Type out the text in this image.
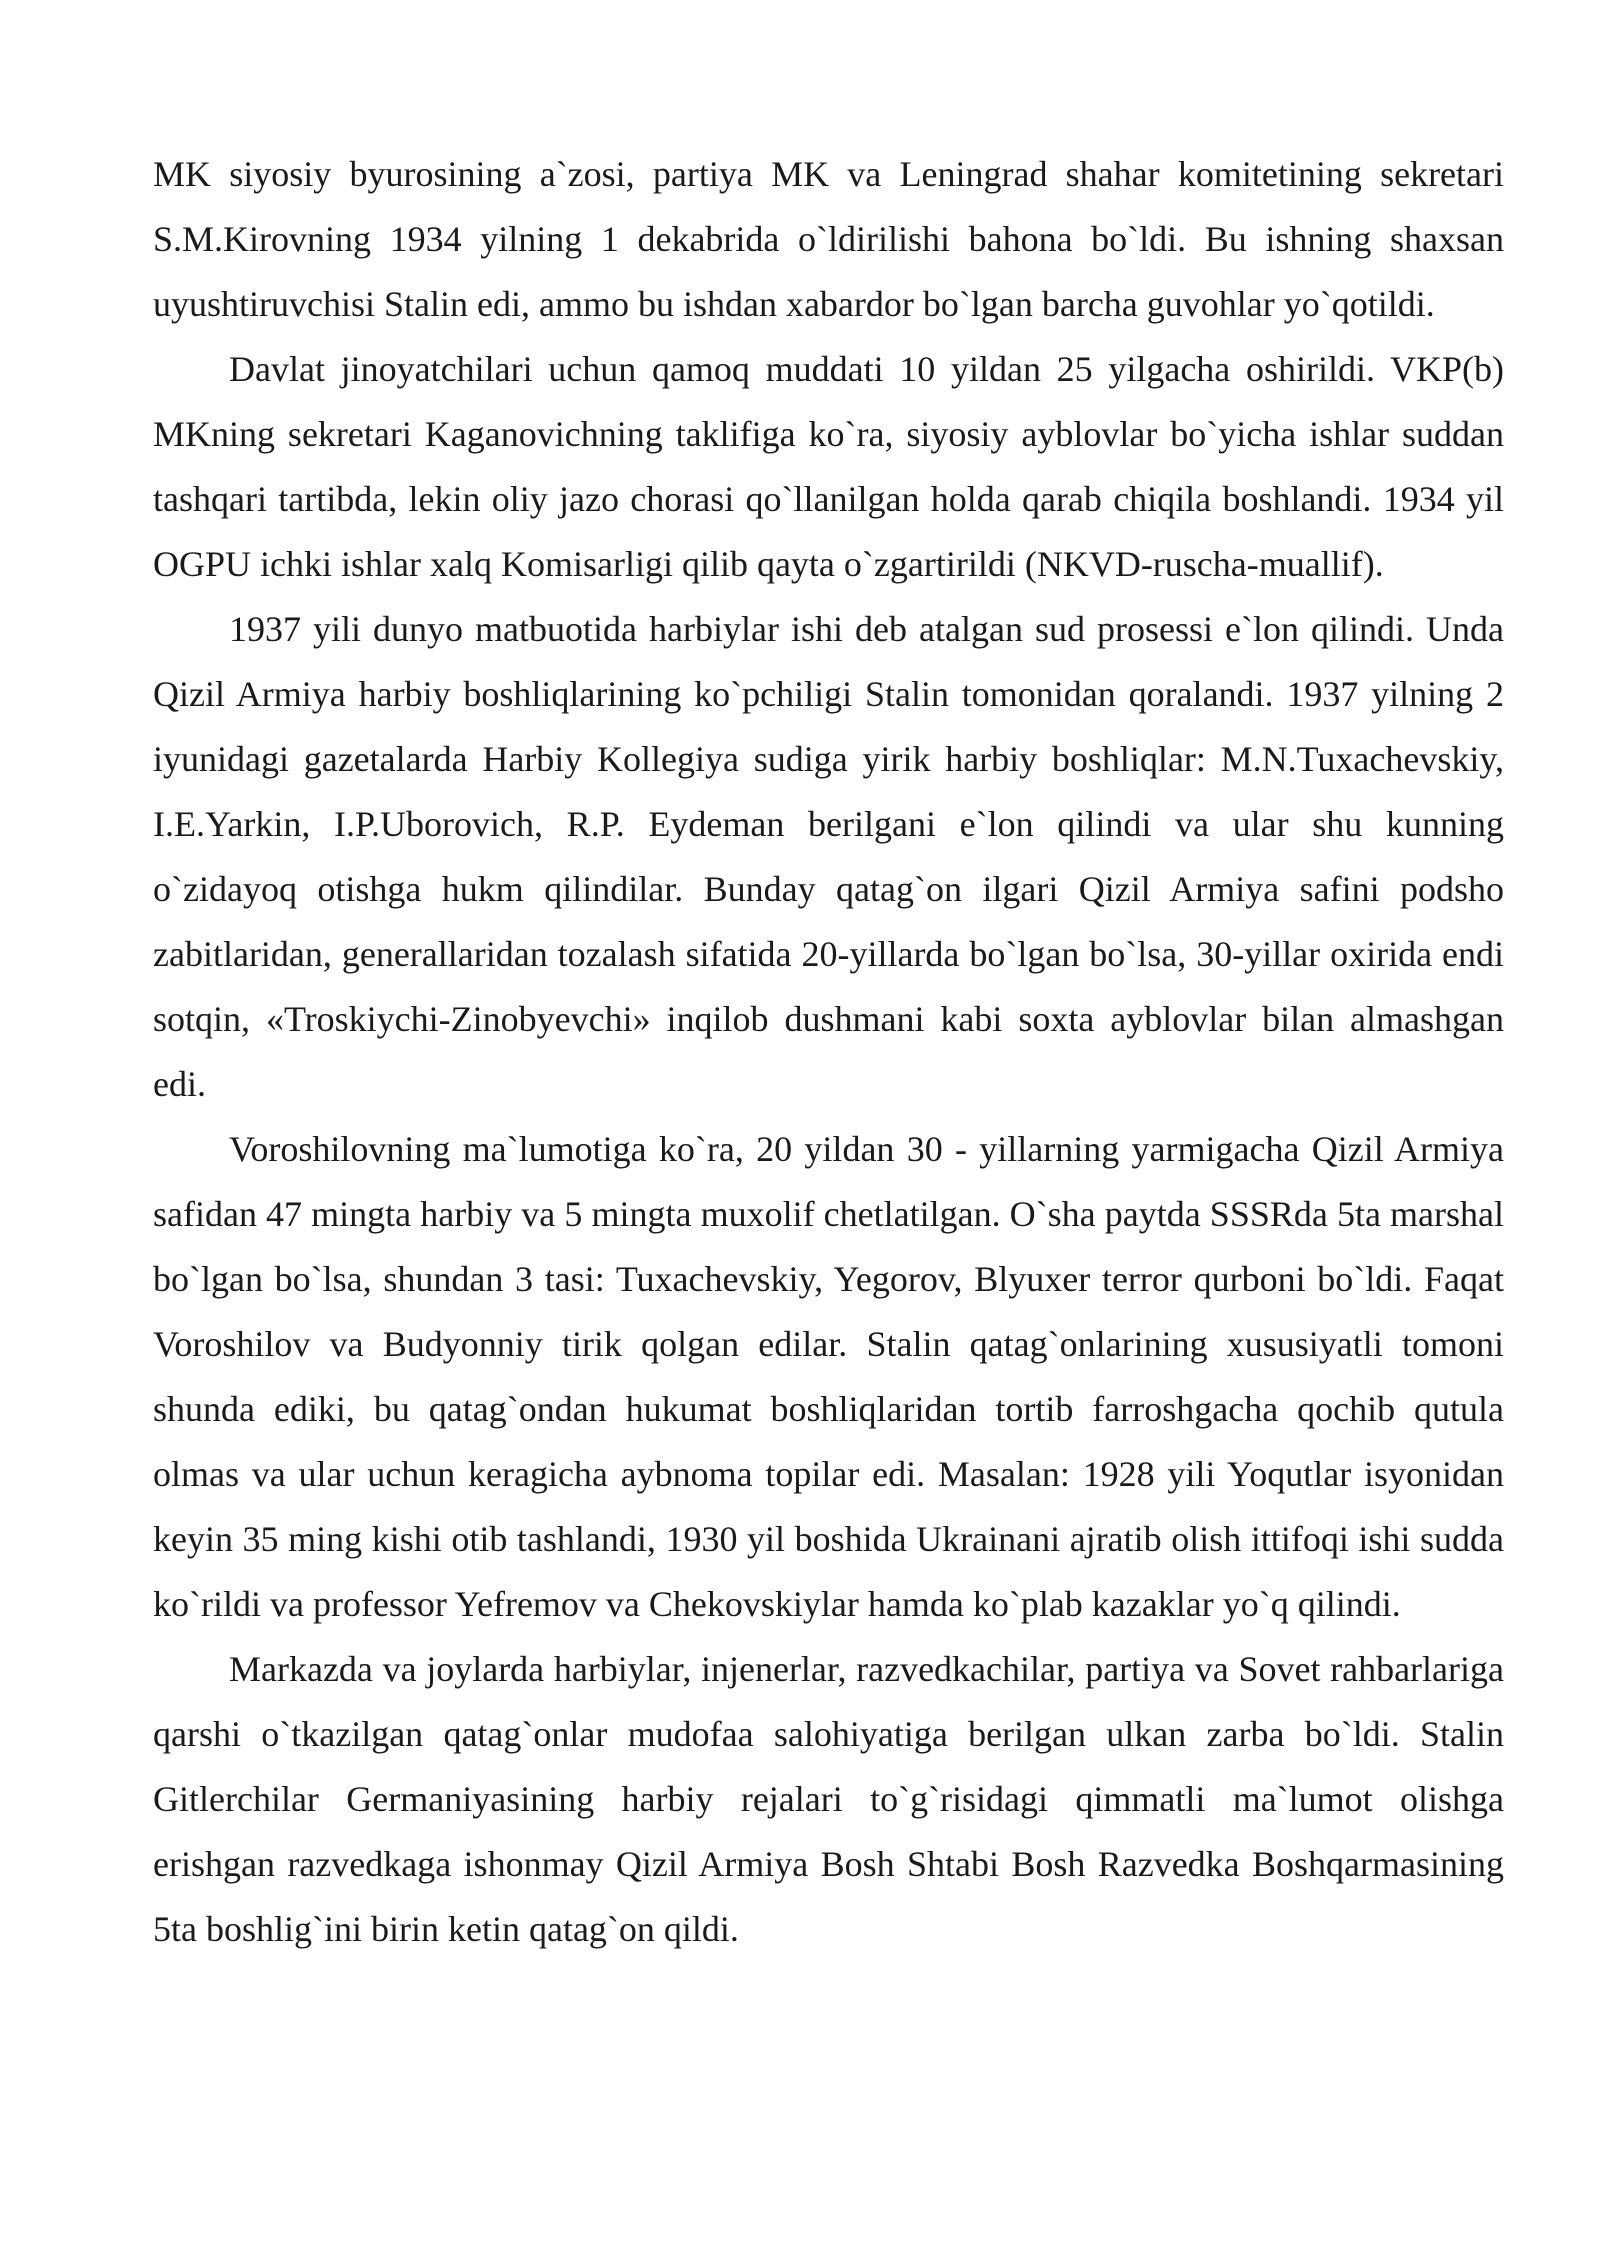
MK siyosiy byurosining a`zosi, partiya MK va Leningrad shahar komitetining sekretari S.M.Kirovning 1934 yilning 1 dekabrida o`ldirilishi bahona bo`ldi. Bu ishning shaxsan uyushtiruvchisi Stalin edi, ammo bu ishdan xabardor bo`lgan barcha guvohlar yo`qotildi.

Davlat jinoyatchilari uchun qamoq muddati 10 yildan 25 yilgacha oshirildi. VKP(b) MKning sekretari Kaganovichning taklifiga ko`ra, siyosiy ayblovlar bo`yicha ishlar suddan tashqari tartibda, lekin oliy jazo chorasi qo`llanilgan holda qarab chiqila boshlandi. 1934 yil OGPU ichki ishlar xalq Komisarligi qilib qayta o`zgartirildi (NKVD-ruscha-muallif).

1937 yili dunyo matbuotida harbiylar ishi deb atalgan sud prosessi e`lon qilindi. Unda Qizil Armiya harbiy boshliqlarining ko`pchiligi Stalin tomonidan qoralandi. 1937 yilning 2 iyunidagi gazetalarda Harbiy Kollegiya sudiga yirik harbiy boshliqlar: M.N.Tuxachevskiy, I.E.Yarkin, I.P.Uborovich, R.P. Eydeman berilgani e`lon qilindi va ular shu kunning o`zidayoq otishga hukm qilindilar. Bunday qatag`on ilgari Qizil Armiya safini podsho zabitlaridan, generallaridan tozalash sifatida 20-yillarda bo`lgan bo`lsa, 30-yillar oxirida endi sotqin, «Troskiychi-Zinobyevchi» inqilob dushmani kabi soxta ayblovlar bilan almashgan edi.

Voroshilovning ma`lumotiga ko`ra, 20 yildan 30 - yillarning yarmigacha Qizil Armiya safidan 47 mingta harbiy va 5 mingta muxolif chetlatilgan. O`sha paytda SSSRda 5ta marshal bo`lgan bo`lsa, shundan 3 tasi: Tuxachevskiy, Yegorov, Blyuxer terror qurboni bo`ldi. Faqat Voroshilov va Budyonniy tirik qolgan edilar. Stalin qatag`onlarining xususiyatli tomoni shunda ediki, bu qatag`ondan hukumat boshliqlaridan tortib farroshgacha qochib qutula olmas va ular uchun keragicha aybnoma topilar edi. Masalan: 1928 yili Yoqutlar isyonidan keyin 35 ming kishi otib tashlandi, 1930 yil boshida Ukrainani ajratib olish ittifoqi ishi sudda ko`rildi va professor Yefremov va Chekovskiylar hamda ko`plab kazaklar yo`q qilindi.

Markazda va joylarda harbiylar, injenerlar, razvedkachilar, partiya va Sovet rahbarlariga qarshi o`tkazilgan qatag`onlar mudofaa salohiyatiga berilgan ulkan zarba bo`ldi. Stalin Gitlerchilar Germaniyasining harbiy rejalari to`g`risidagi qimmatli ma`lumot olishga erishgan razvedkaga ishonmay Qizil Armiya Bosh Shtabi Bosh Razvedka Boshqarmasining 5ta boshlig`ini birin ketin qatag`on qildi.
